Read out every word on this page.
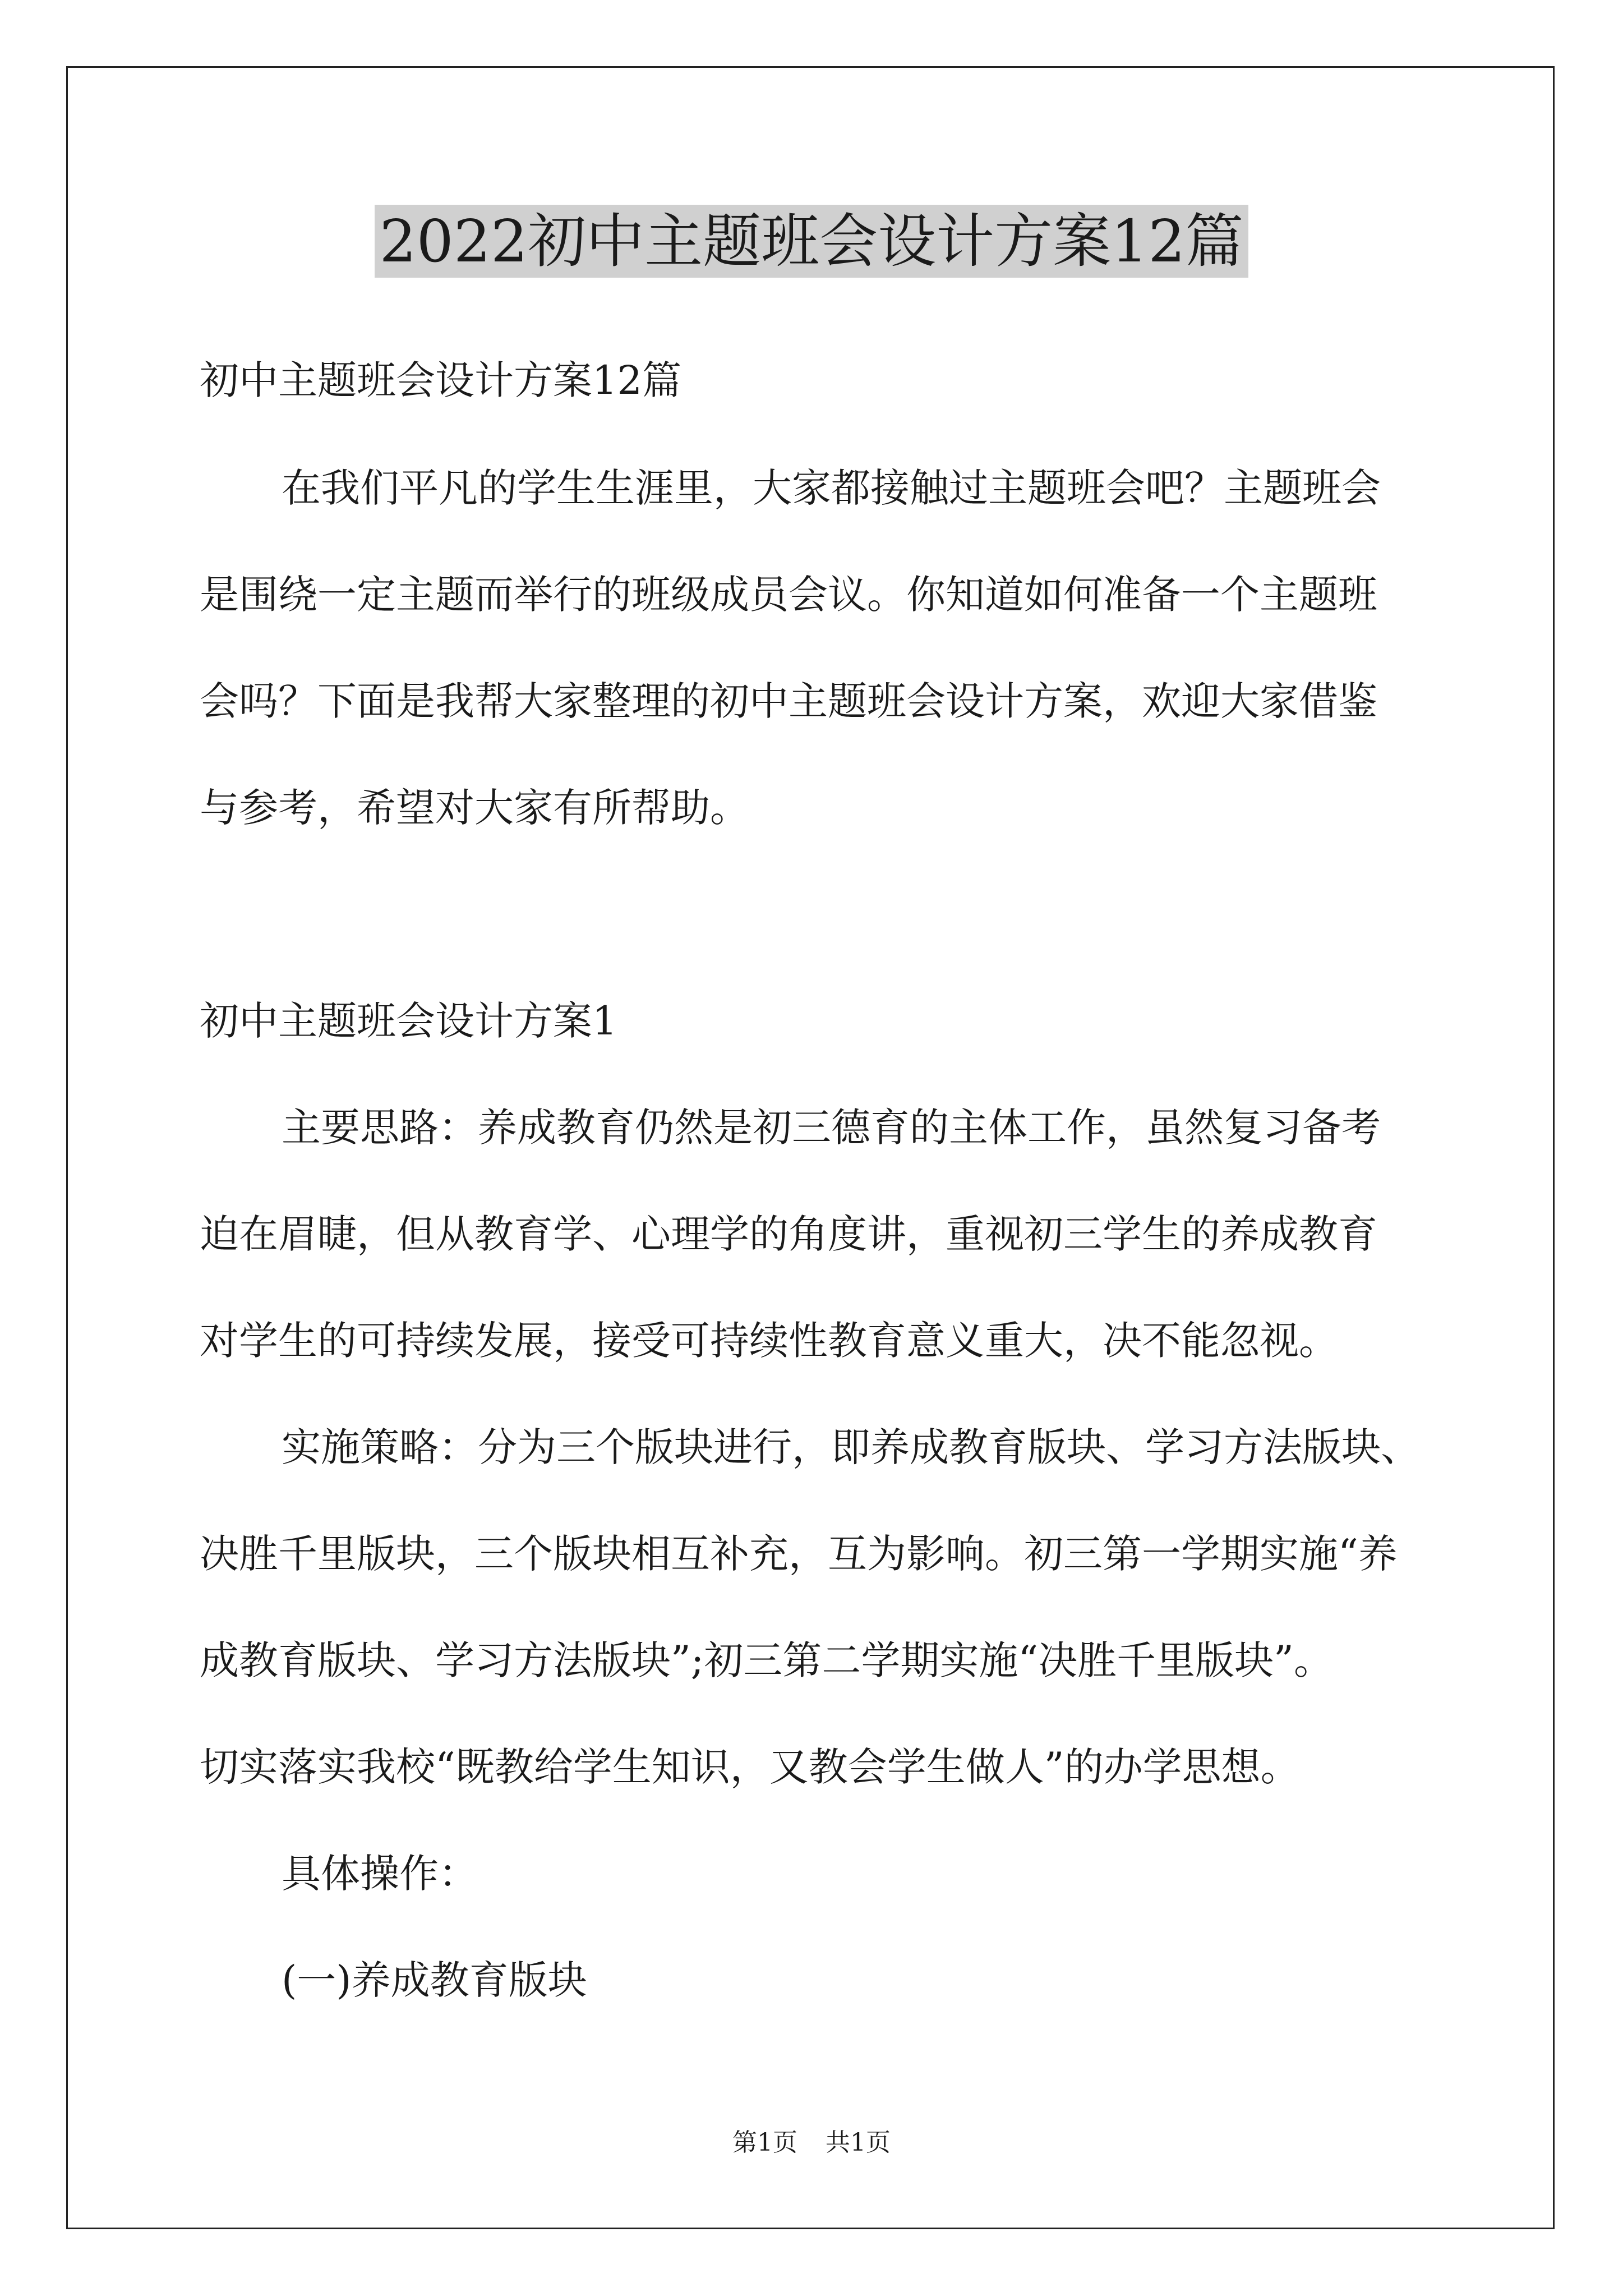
2022初中主题班会设计方案12篇
初中主题班会设计方案12篇
在我们平凡的学生生涯里，大家都接触过主题班会吧？主题班会
是围绕一定主题而举行的班级成员会议。你知道如何准备一个主题班
会吗？下面是我帮大家整理的初中主题班会设计方案，欢迎大家借鉴
与参考，希望对大家有所帮助。
初中主题班会设计方案1
主要思路：养成教育仍然是初三德育的主体工作，虽然复习备考
迫在眉睫，但从教育学、心理学的角度讲，重视初三学生的养成教育
对学生的可持续发展，接受可持续性教育意义重大，决不能忽视。
实施策略：分为三个版块进行，即养成教育版块、学习方法版块、
决胜千里版块，三个版块相互补充，互为影响。初三第一学期实施“养
成教育版块、学习方法版块”;初三第二学期实施“决胜千里版块”。
切实落实我校“既教给学生知识，又教会学生做人”的办学思想。
具体操作：
(一)养成教育版块
第1页 共1页
